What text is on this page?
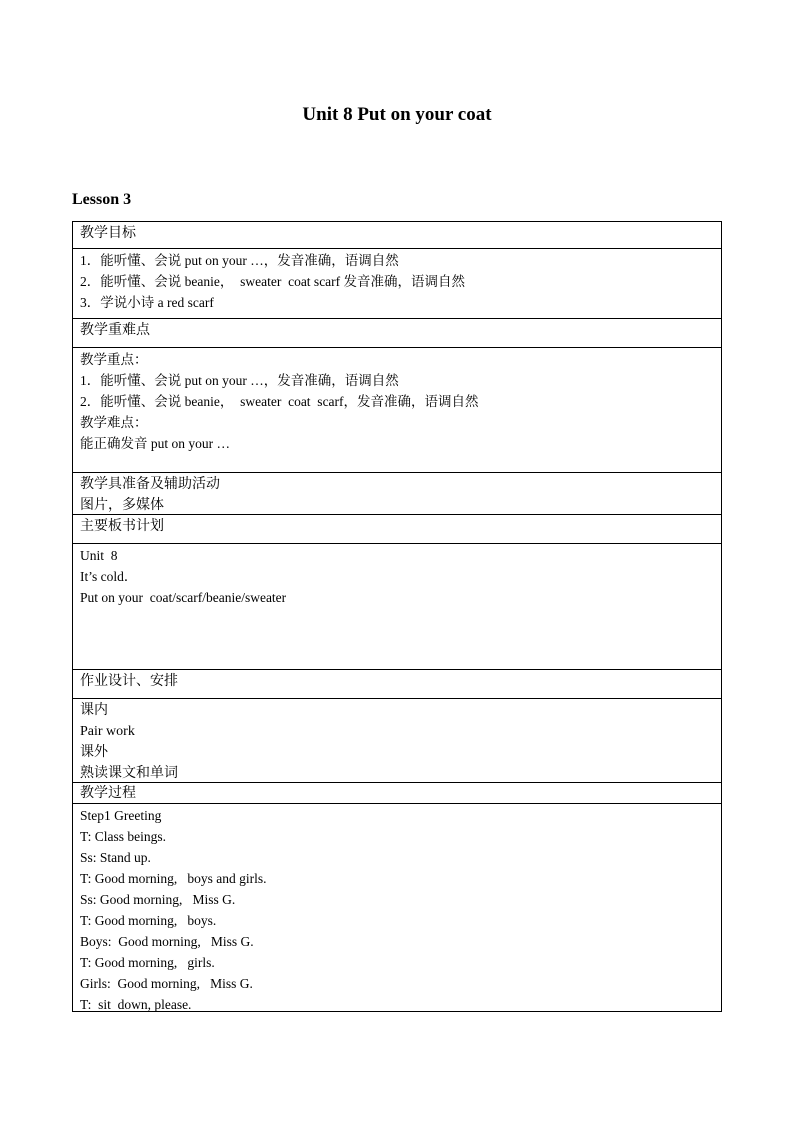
Unit 8 Put on your coat
Lesson 3
教学目标
1．能听懂、会说 put on your …，发音准确，语调自然
2．能听懂、会说 beanie，  sweater  coat scarf 发音准确，语调自然
3．学说小诗 a red scarf
教学重难点
教学重点：
1．能听懂、会说 put on your …，发音准确，语调自然
2．能听懂、会说 beanie，  sweater  coat  scarf，发音准确，语调自然
教学难点：
能正确发音 put on your …
教学具准备及辅助活动
图片，多媒体
主要板书计划
Unit  8
It’s cold．
Put on your  coat/scarf/beanie/sweater
作业设计、安排
课内
Pair work
课外
熟读课文和单词
教学过程
Step1 Greeting
T: Class beings.
Ss: Stand up.
T: Good morning,   boys and girls.
Ss: Good morning,   Miss G.
T: Good morning,   boys.
Boys:  Good morning,   Miss G.
T: Good morning,   girls.
Girls:  Good morning,   Miss G.
T:  sit  down, please.
